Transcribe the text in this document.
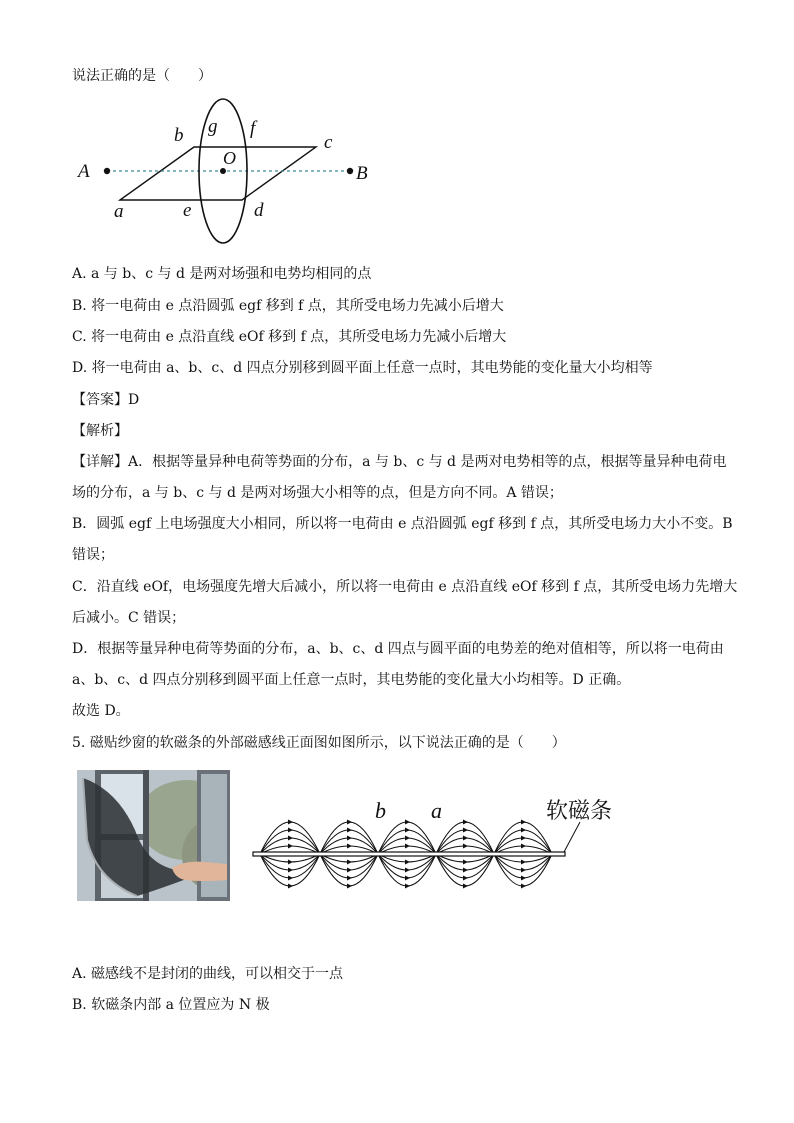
说法正确的是（　　）
A	B
a
b	c
d
e
f
g
O
A. a 与 b、c 与 d 是两对场强和电势均相同的点
B. 将一电荷由 e 点沿圆弧 egf 移到 f 点，其所受电场力先减小后增大
C. 将一电荷由 e 点沿直线 eOf 移到 f 点，其所受电场力先减小后增大
D. 将一电荷由 a、b、c、d 四点分别移到圆平面上任意一点时，其电势能的变化量大小均相等
【答案】D
【解析】
【详解】A．根据等量异种电荷等势面的分布，a 与 b、c 与 d 是两对电势相等的点，根据等量异种电荷电
场的分布，a 与 b、c 与 d 是两对场强大小相等的点，但是方向不同。A 错误；
B．圆弧 egf 上电场强度大小相同，所以将一电荷由 e 点沿圆弧 egf 移到 f 点，其所受电场力大小不变。B
错误；
C．沿直线 eOf，电场强度先增大后减小，所以将一电荷由 e 点沿直线 eOf 移到 f 点，其所受电场力先增大
后减小。C 错误；
D．根据等量异种电荷等势面的分布，a、b、c、d 四点与圆平面的电势差的绝对值相等，所以将一电荷由
a、b、c、d 四点分别移到圆平面上任意一点时，其电势能的变化量大小均相等。D 正确。
故选 D。
5. 磁贴纱窗的软磁条的外部磁感线正面图如图所示，以下说法正确的是（　　）
b a	软磁条
A. 磁感线不是封闭的曲线，可以相交于一点
B. 软磁条内部 a 位置应为 N 极
